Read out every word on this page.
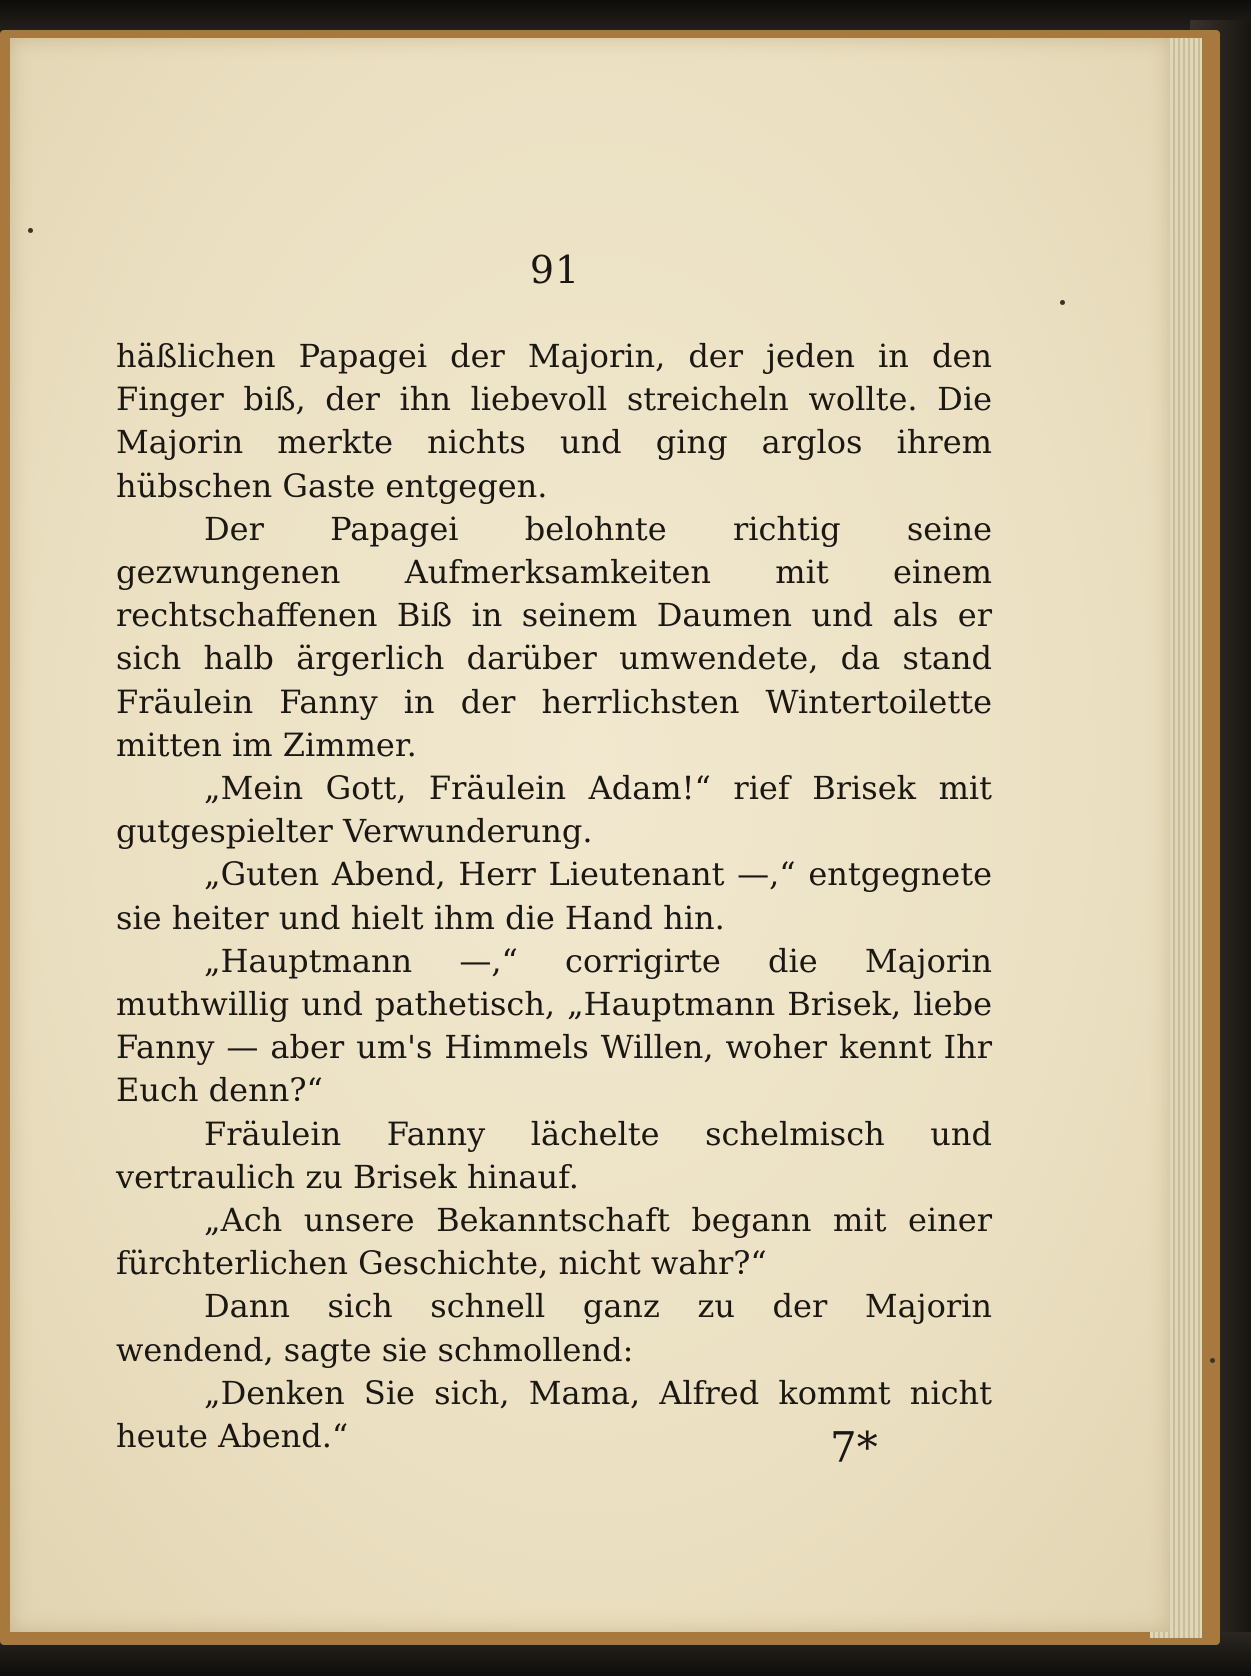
91

häßlichen Papagei der Majorin, der jeden in den Finger biß, der ihn liebevoll streicheln wollte. Die Majorin merkte nichts und ging arglos ihrem hübschen Gaste entgegen.

Der Papagei belohnte richtig seine gezwungenen Aufmerksamkeiten mit einem rechtschaffenen Biß in seinem Daumen und als er sich halb ärgerlich darüber umwendete, da stand Fräulein Fanny in der herrlichsten Wintertoilette mitten im Zimmer.

„Mein Gott, Fräulein Adam!“ rief Brisek mit gutgespielter Verwunderung.

„Guten Abend, Herr Lieutenant —,“ entgegnete sie heiter und hielt ihm die Hand hin.

„Hauptmann —,“ corrigirte die Majorin muthwillig und pathetisch, „Hauptmann Brisek, liebe Fanny — aber um's Himmels Willen, woher kennt Ihr Euch denn?“

Fräulein Fanny lächelte schelmisch und vertraulich zu Brisek hinauf.

„Ach unsere Bekanntschaft begann mit einer fürchterlichen Geschichte, nicht wahr?“

Dann sich schnell ganz zu der Majorin wendend, sagte sie schmollend:

„Denken Sie sich, Mama, Alfred kommt nicht heute Abend.“	7*
